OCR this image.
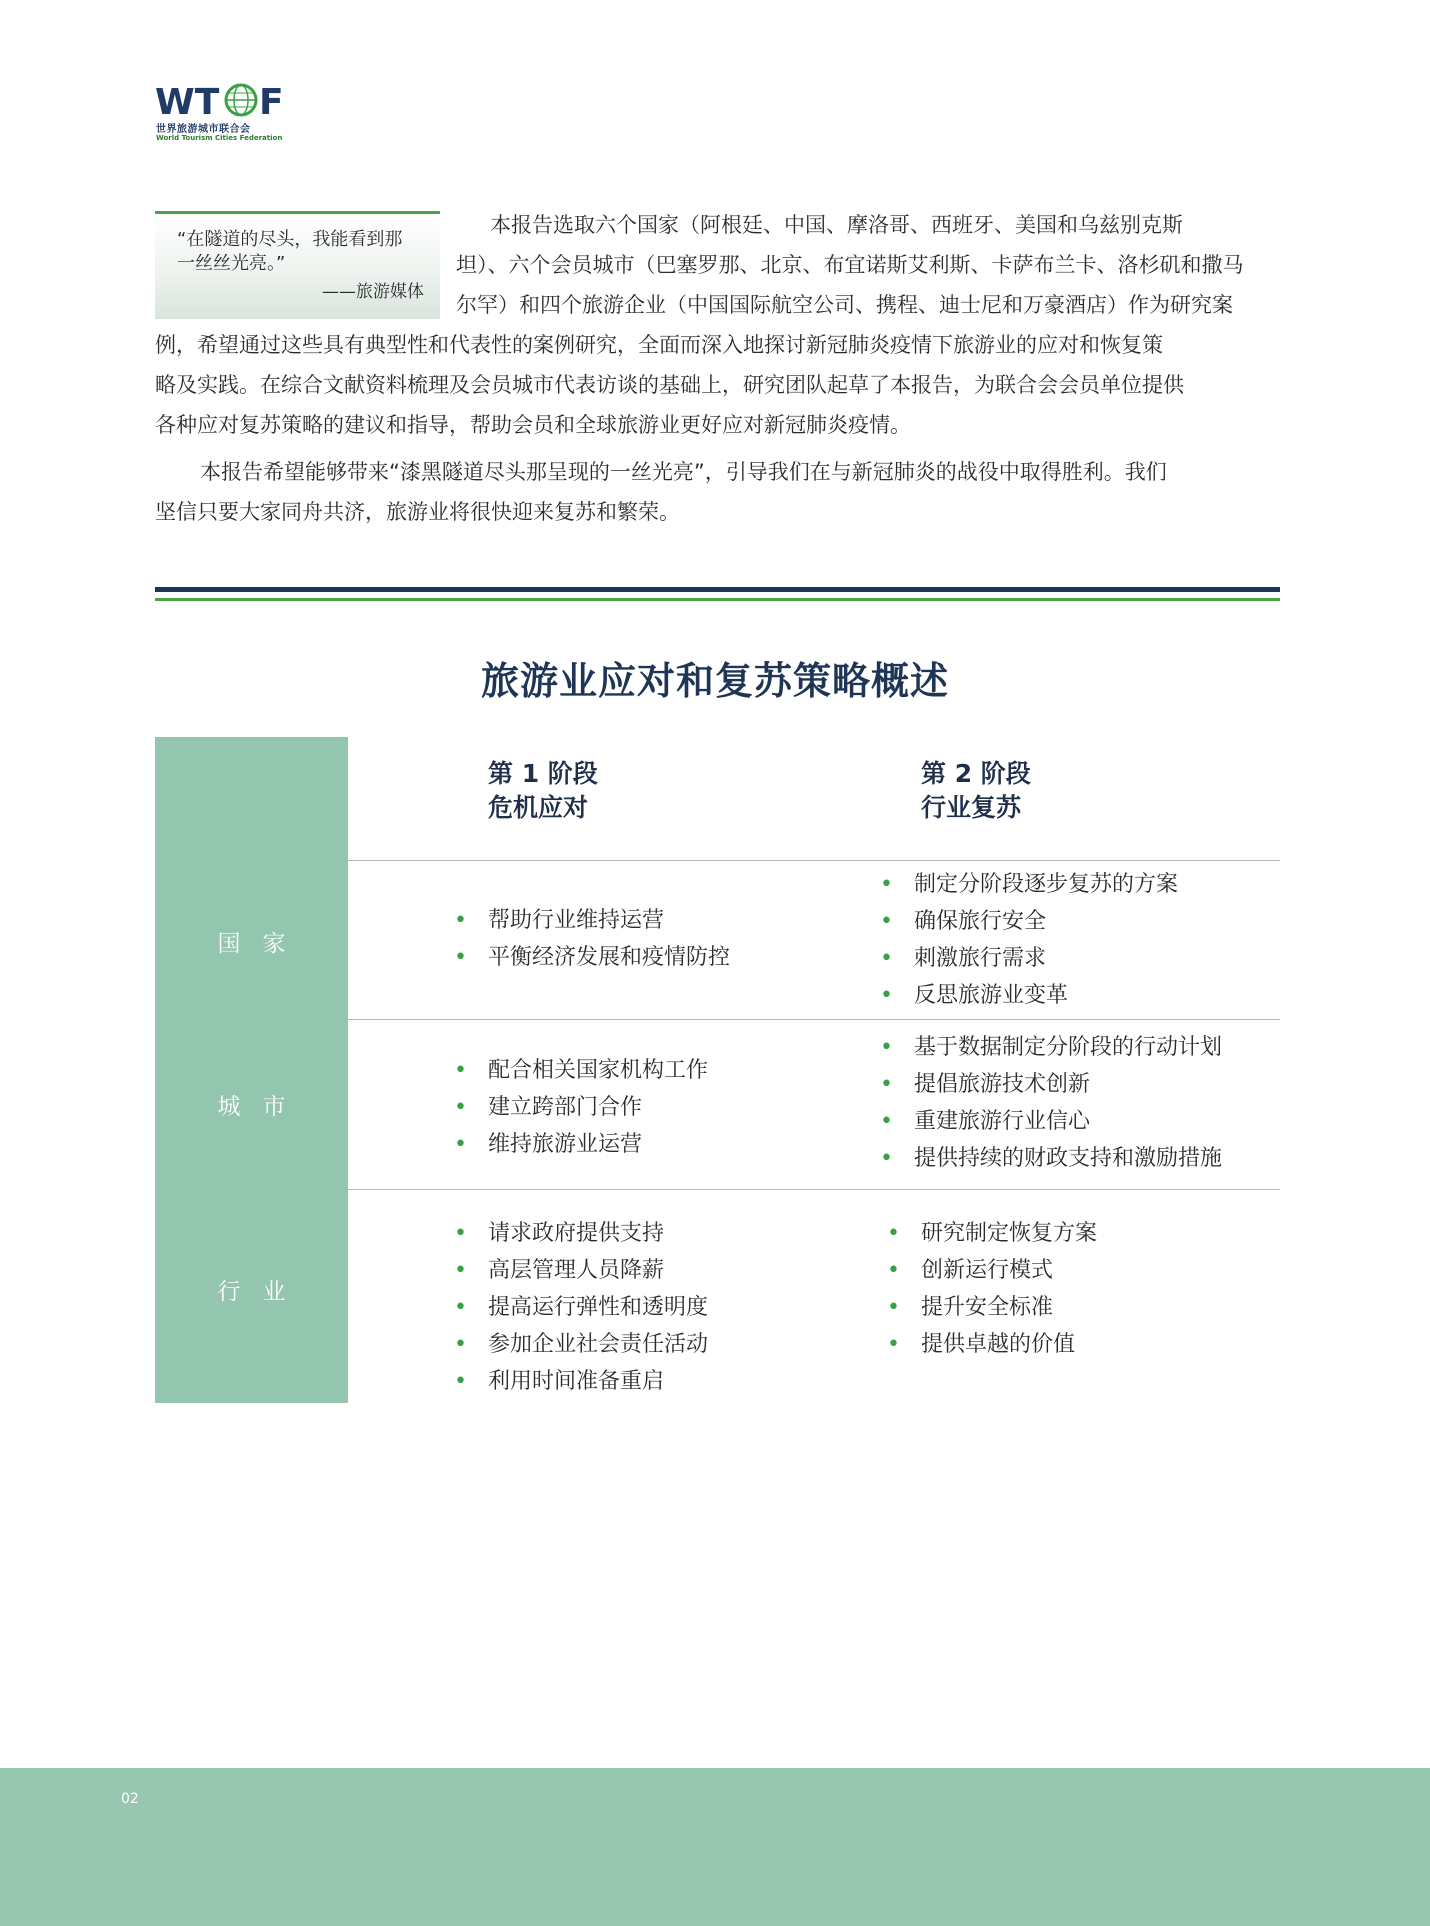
WT F
世界旅游城市联合会
World Tourism Cities Federation
“在隧道的尽头，我能看到那
一丝丝光亮。”
——旅游媒体
本报告选取六个国家（阿根廷、中国、摩洛哥、西班牙、美国和乌兹别克斯
坦）、六个会员城市（巴塞罗那、北京、布宜诺斯艾利斯、卡萨布兰卡、洛杉矶和撒马
尔罕）和四个旅游企业（中国国际航空公司、携程、迪士尼和万豪酒店）作为研究案
例，希望通过这些具有典型性和代表性的案例研究，全面而深入地探讨新冠肺炎疫情下旅游业的应对和恢复策
略及实践。在综合文献资料梳理及会员城市代表访谈的基础上，研究团队起草了本报告，为联合会会员单位提供
各种应对复苏策略的建议和指导，帮助会员和全球旅游业更好应对新冠肺炎疫情。
本报告希望能够带来“漆黑隧道尽头那呈现的一丝光亮”，引导我们在与新冠肺炎的战役中取得胜利。我们
坚信只要大家同舟共济，旅游业将很快迎来复苏和繁荣。
旅游业应对和复苏策略概述
第 1 阶段
危机应对
第 2 阶段
行业复苏
国家
• 帮助行业维持运营
• 平衡经济发展和疫情防控
• 制定分阶段逐步复苏的方案
• 确保旅行安全
• 刺激旅行需求
• 反思旅游业变革
城市
• 配合相关国家机构工作
• 建立跨部门合作
• 维持旅游业运营
• 基于数据制定分阶段的行动计划
• 提倡旅游技术创新
• 重建旅游行业信心
• 提供持续的财政支持和激励措施
行业
• 请求政府提供支持
• 高层管理人员降薪
• 提高运行弹性和透明度
• 参加企业社会责任活动
• 利用时间准备重启
• 研究制定恢复方案
• 创新运行模式
• 提升安全标准
• 提供卓越的价值
02
